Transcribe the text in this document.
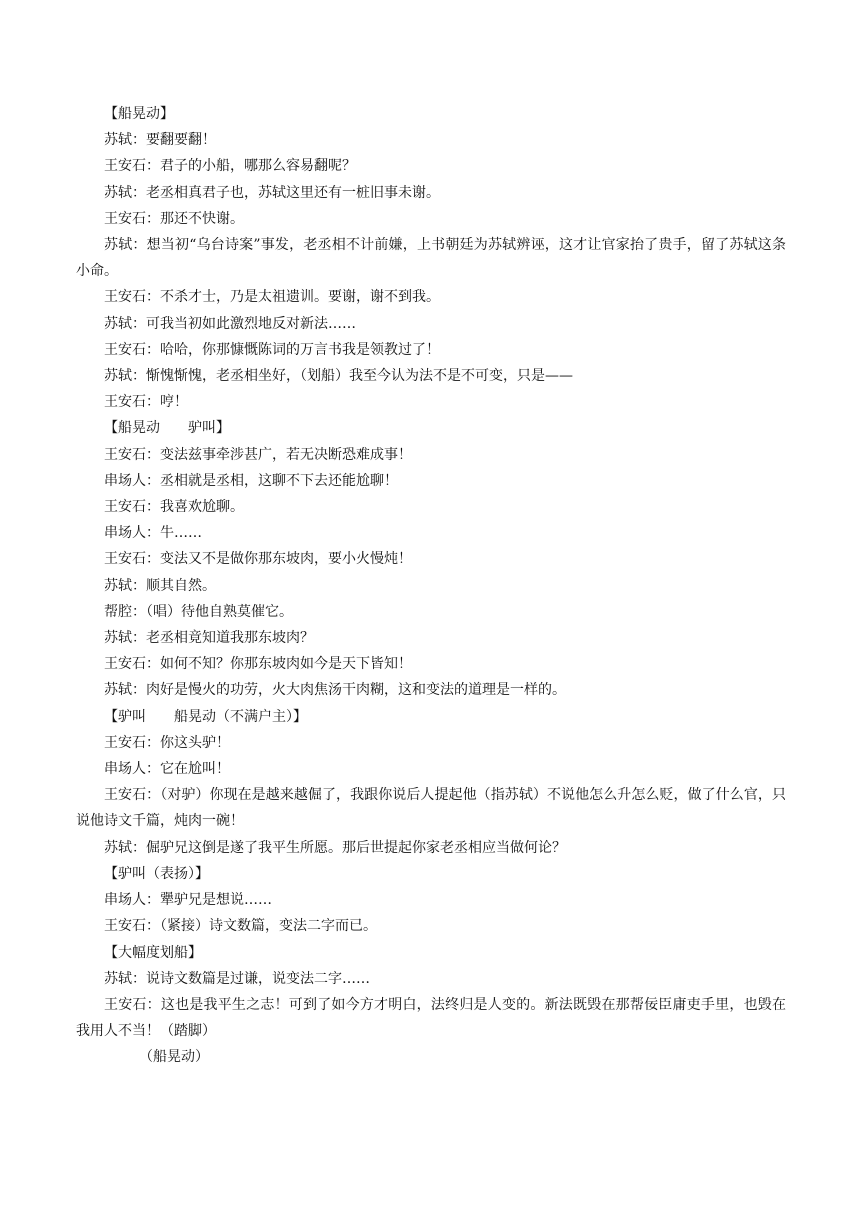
【船晃动】

苏轼：要翻要翻！

王安石：君子的小船，哪那么容易翻呢？

苏轼：老丞相真君子也，苏轼这里还有一桩旧事未谢。

王安石：那还不快谢。

苏轼：想当初“乌台诗案”事发，老丞相不计前嫌，上书朝廷为苏轼辨诬，这才让官家抬了贵手，留了苏轼这条小命。

王安石：不杀才士，乃是太祖遗训。要谢，谢不到我。

苏轼：可我当初如此激烈地反对新法……

王安石：哈哈，你那慷慨陈词的万言书我是领教过了！

苏轼：惭愧惭愧，老丞相坐好，（划船）我至今认为法不是不可变，只是——

王安石：哼！

【船晃动　　驴叫】

王安石：变法兹事牵涉甚广，若无决断恐难成事！

串场人：丞相就是丞相，这聊不下去还能尬聊！

王安石：我喜欢尬聊。

串场人：牛……

王安石：变法又不是做你那东坡肉，要小火慢炖！

苏轼：顺其自然。

帮腔：（唱）待他自熟莫催它。

苏轼：老丞相竟知道我那东坡肉？

王安石：如何不知？你那东坡肉如今是天下皆知！

苏轼：肉好是慢火的功劳，火大肉焦汤干肉糊，这和变法的道理是一样的。

【驴叫　　船晃动（不满户主）】

王安石：你这头驴！

串场人：它在尬叫！

王安石：（对驴）你现在是越来越倔了，我跟你说后人提起他（指苏轼）不说他怎么升怎么贬，做了什么官，只说他诗文千篇，炖肉一碗！

苏轼：倔驴兄这倒是遂了我平生所愿。那后世提起你家老丞相应当做何论？

【驴叫（表扬）】

串场人：犟驴兄是想说……

王安石：（紧接）诗文数篇，变法二字而已。

【大幅度划船】

苏轼：说诗文数篇是过谦，说变法二字……

王安石：这也是我平生之志！可到了如今方才明白，法终归是人变的。新法既毁在那帮佞臣庸吏手里，也毁在我用人不当！（踏脚）

（船晃动）
